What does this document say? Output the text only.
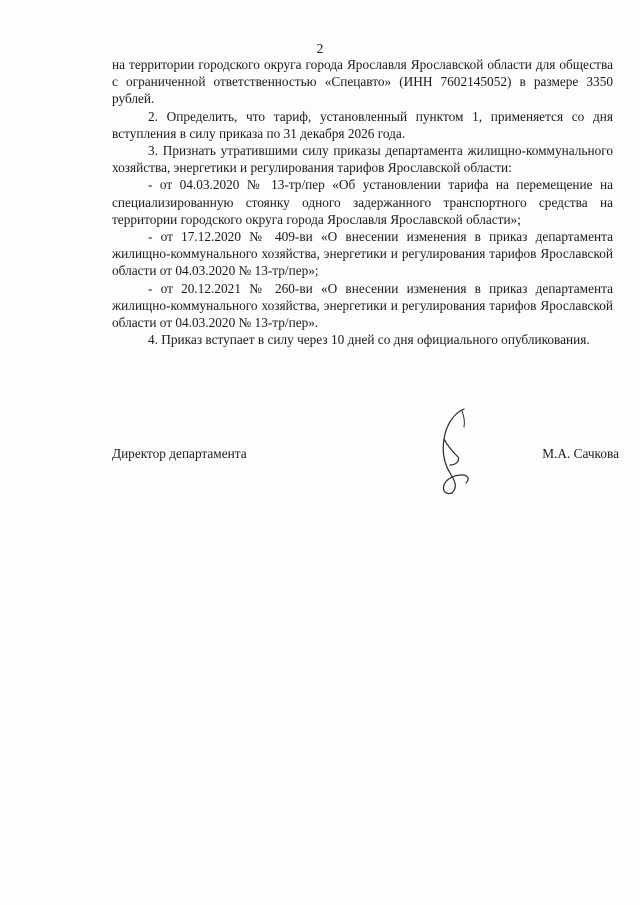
2

на территории городского округа города Ярославля Ярославской области для общества с ограниченной ответственностью «Спецавто» (ИНН 7602145052) в размере 3350 рублей.

2. Определить, что тариф, установленный пунктом 1, применяется со дня вступления в силу приказа по 31 декабря 2026 года.

3. Признать утратившими силу приказы департамента жилищно-коммунального хозяйства, энергетики и регулирования тарифов Ярославской области:

- от 04.03.2020 № 13-тр/пер «Об установлении тарифа на перемещение на специализированную стоянку одного задержанного транспортного средства на территории городского округа города Ярославля Ярославской области»;

- от 17.12.2020 № 409-ви «О внесении изменения в приказ департамента жилищно-коммунального хозяйства, энергетики и регулирования тарифов Ярославской области от 04.03.2020 № 13-тр/пер»;

- от 20.12.2021 № 260-ви «О внесении изменения в приказ департамента жилищно-коммунального хозяйства, энергетики и регулирования тарифов Ярославской области от 04.03.2020 № 13-тр/пер».

4. Приказ вступает в силу через 10 дней со дня официального опубликования.

Директор департамента	М.А. Сачкова
